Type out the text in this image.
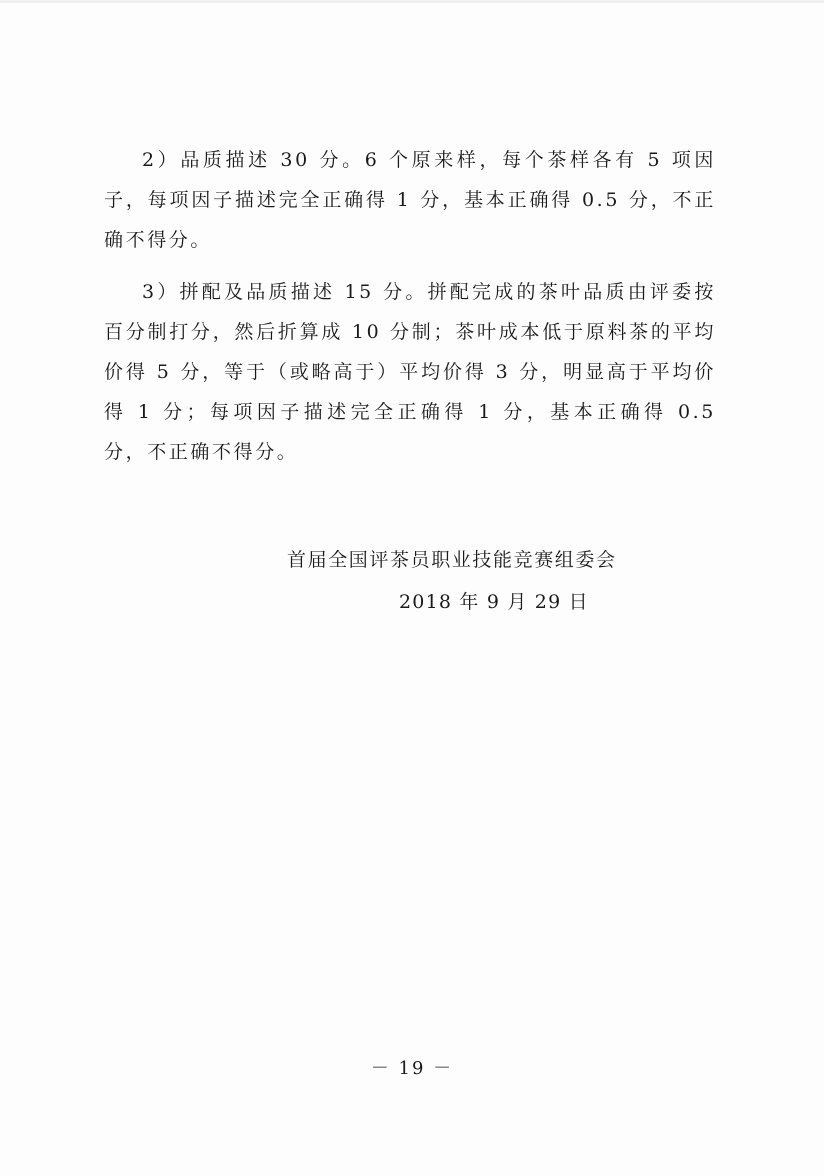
2）品质描述 30 分。6 个原来样，每个茶样各有 5 项因子，每项因子描述完全正确得 1 分，基本正确得 0.5 分，不正确不得分。

3）拼配及品质描述 15 分。拼配完成的茶叶品质由评委按百分制打分，然后折算成 10 分制；茶叶成本低于原料茶的平均价得 5 分，等于（或略高于）平均价得 3 分，明显高于平均价得 1 分；每项因子描述完全正确得 1 分，基本正确得 0.5 分，不正确不得分。

首届全国评茶员职业技能竞赛组委会
2018 年 9 月 29 日
－ 19 －
